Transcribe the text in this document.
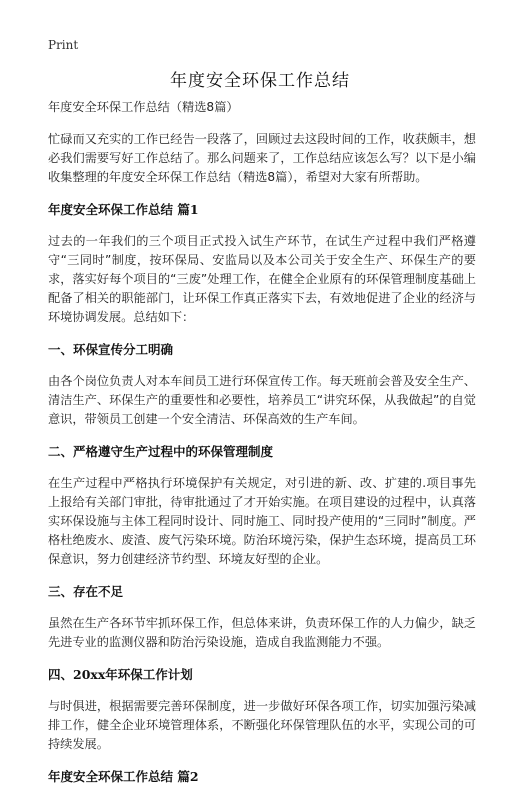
Print
年度安全环保工作总结
年度安全环保工作总结（精选8篇）
忙碌而又充实的工作已经告一段落了，回顾过去这段时间的工作，收获颇丰，想必我们需要写好工作总结了。那么问题来了，工作总结应该怎么写？以下是小编收集整理的年度安全环保工作总结（精选8篇），希望对大家有所帮助。
年度安全环保工作总结 篇1
过去的一年我们的三个项目正式投入试生产环节，在试生产过程中我们严格遵守“三同时”制度，按环保局、安监局以及本公司关于安全生产、环保生产的要求，落实好每个项目的“三废”处理工作，在健全企业原有的环保管理制度基础上配备了相关的职能部门，让环保工作真正落实下去，有效地促进了企业的经济与环境协调发展。总结如下：
一、环保宣传分工明确
由各个岗位负责人对本车间员工进行环保宣传工作。每天班前会普及安全生产、清洁生产、环保生产的重要性和必要性，培养员工“讲究环保，从我做起”的自觉意识，带领员工创建一个安全清洁、环保高效的生产车间。
二、严格遵守生产过程中的环保管理制度
在生产过程中严格执行环境保护有关规定，对引进的新、改、扩建的.项目事先上报给有关部门审批，待审批通过了才开始实施。在项目建设的过程中，认真落实环保设施与主体工程同时设计、同时施工、同时投产使用的“三同时”制度。严格杜绝废水、废渣、废气污染环境。防治环境污染，保护生态环境，提高员工环保意识，努力创建经济节约型、环境友好型的企业。
三、存在不足
虽然在生产各环节牢抓环保工作，但总体来讲，负责环保工作的人力偏少，缺乏先进专业的监测仪器和防治污染设施，造成自我监测能力不强。
四、20xx年环保工作计划
与时俱进，根据需要完善环保制度，进一步做好环保各项工作，切实加强污染减排工作，健全企业环境管理体系，不断强化环保管理队伍的水平，实现公司的可持续发展。
年度安全环保工作总结 篇2
